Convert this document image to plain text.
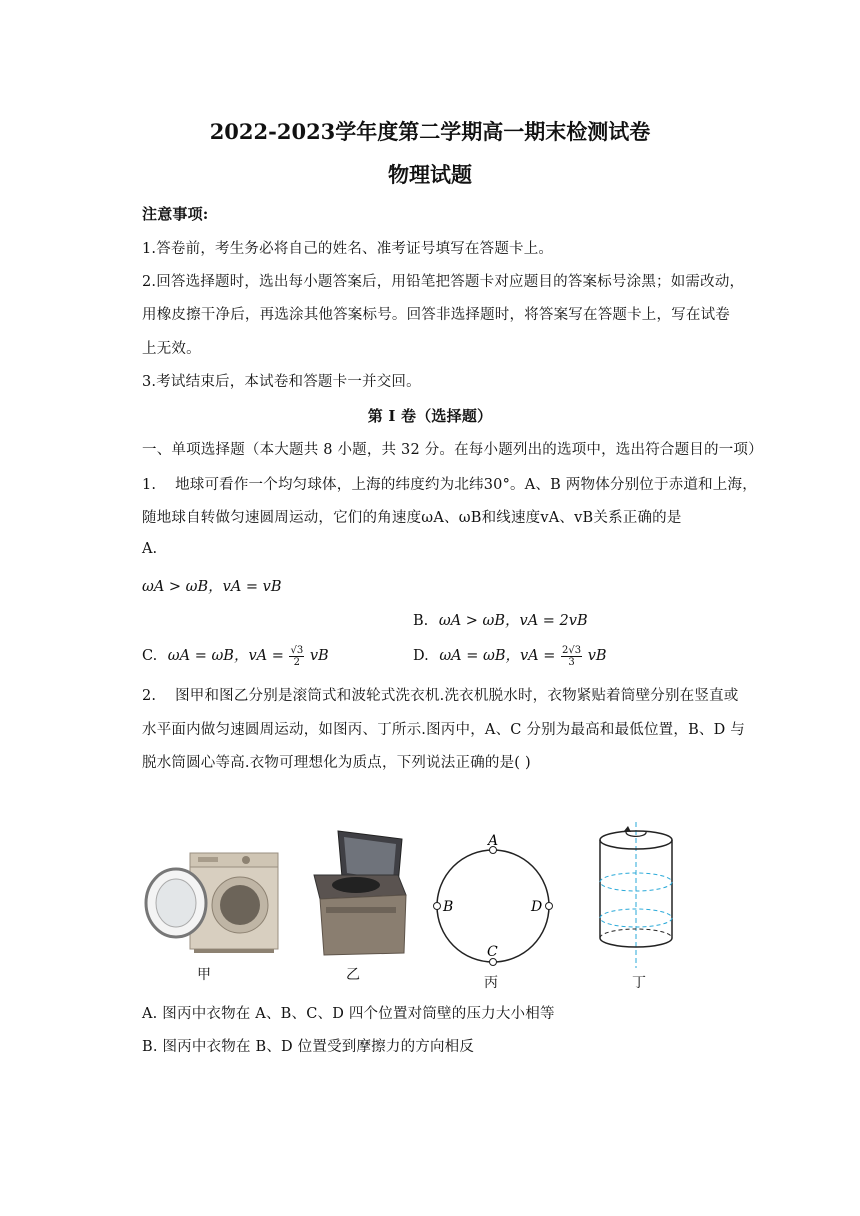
2022-2023学年度第二学期高一期末检测试卷
物理试题
注意事项:
1.答卷前，考生务必将自己的姓名、准考证号填写在答题卡上。
2.回答选择题时，选出每小题答案后，用铅笔把答题卡对应题目的答案标号涂黑；如需改动，
用橡皮擦干净后，再选涂其他答案标号。回答非选择题时，将答案写在答题卡上，写在试卷
上无效。
3.考试结束后，本试卷和答题卡一并交回。
第 I 卷（选择题）
一、单项选择题（本大题共 8 小题，共 32 分。在每小题列出的选项中，选出符合题目的一项）
1. 地球可看作一个均匀球体，上海的纬度约为北纬30°。A、B 两物体分别位于赤道和上海，
随地球自转做匀速圆周运动，它们的角速度ωA、ωB和线速度vA、vB关系正确的是
A.
ωA > ωB，vA = vB
B. ωA > ωB，vA = 2vB
C. ωA = ωB，vA = $\frac{√3}{2}$ vB	D. ωA = ωB，vA = $\frac{2√3}{3}$ vB
2. 图甲和图乙分别是滚筒式和波轮式洗衣机.洗衣机脱水时，衣物紧贴着筒壁分别在竖直或
水平面内做匀速圆周运动，如图丙、丁所示.图丙中，A、C 分别为最高和最低位置，B、D 与
脱水筒圆心等高.衣物可理想化为质点，下列说法正确的是( )
甲	乙
A
B
C
D
丙	丁
A. 图丙中衣物在 A、B、C、D 四个位置对筒壁的压力大小相等
B. 图丙中衣物在 B、D 位置受到摩擦力的方向相反
